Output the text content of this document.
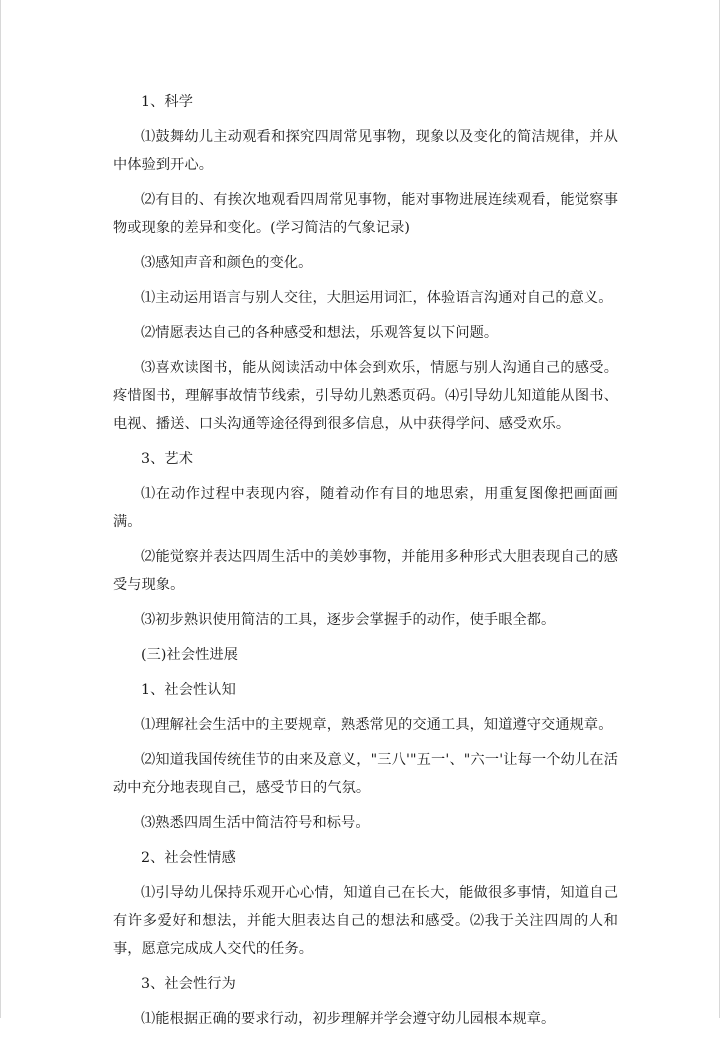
1、科学

⑴鼓舞幼儿主动观看和探究四周常见事物，现象以及变化的简洁规律，并从中体验到开心。

⑵有目的、有挨次地观看四周常见事物，能对事物进展连续观看，能觉察事物或现象的差异和变化。(学习简洁的气象记录)

⑶感知声音和颜色的变化。

⑴主动运用语言与别人交往，大胆运用词汇，体验语言沟通对自己的意义。

⑵情愿表达自己的各种感受和想法，乐观答复以下问题。

⑶喜欢读图书，能从阅读活动中体会到欢乐，情愿与别人沟通自己的感受。疼惜图书，理解事故情节线索，引导幼儿熟悉页码。⑷引导幼儿知道能从图书、电视、播送、口头沟通等途径得到很多信息，从中获得学问、感受欢乐。

3、艺术

⑴在动作过程中表现内容，随着动作有目的地思索，用重复图像把画面画满。

⑵能觉察并表达四周生活中的美妙事物，并能用多种形式大胆表现自己的感受与现象。

⑶初步熟识使用简洁的工具，逐步会掌握手的动作，使手眼全都。

(三)社会性进展

1、社会性认知

⑴理解社会生活中的主要规章，熟悉常见的交通工具，知道遵守交通规章。

⑵知道我国传统佳节的由来及意义，"三八'"五一'、"六一'让每一个幼儿在活动中充分地表现自己，感受节日的气氛。

⑶熟悉四周生活中简洁符号和标号。

2、社会性情感

⑴引导幼儿保持乐观开心心情，知道自己在长大，能做很多事情，知道自己有许多爱好和想法，并能大胆表达自己的想法和感受。⑵我于关注四周的人和事，愿意完成成人交代的任务。

3、社会性行为

⑴能根据正确的要求行动，初步理解并学会遵守幼儿园根本规章。
